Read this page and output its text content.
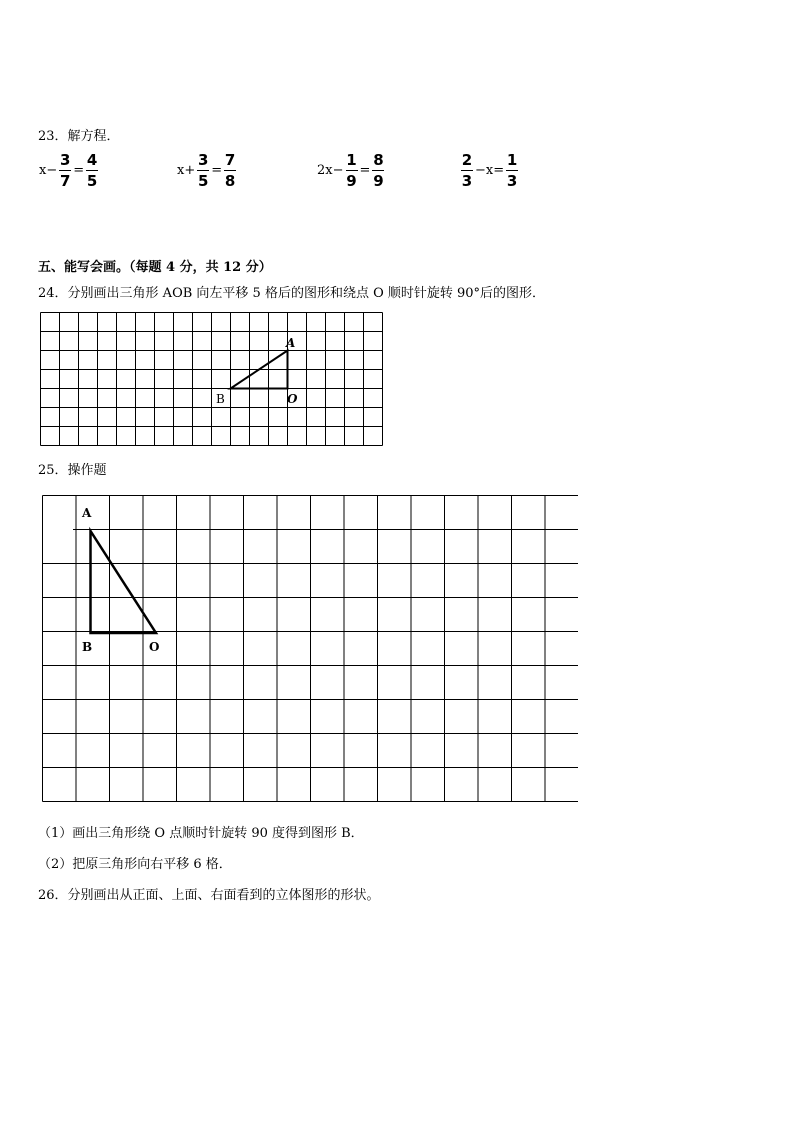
23．解方程．
$x- \frac{3}{7} = \frac{4}{5}$	$x+ \frac{3}{5} = \frac{7}{8}$	$2x- \frac{1}{9} = \frac{8}{9}$	$\frac{2}{3} -x= \frac{1}{3}$
五、能写会画。（每题 4 分，共 12 分）
24．分别画出三角形 AOB 向左平移 5 格后的图形和绕点 O 顺时针旋转 90°后的图形．
A
B	O
25．操作题
A
B	O
（1）画出三角形绕 O 点顺时针旋转 90 度得到图形 B．
（2）把原三角形向右平移 6 格．
26．分别画出从正面、上面、右面看到的立体图形的形状。
